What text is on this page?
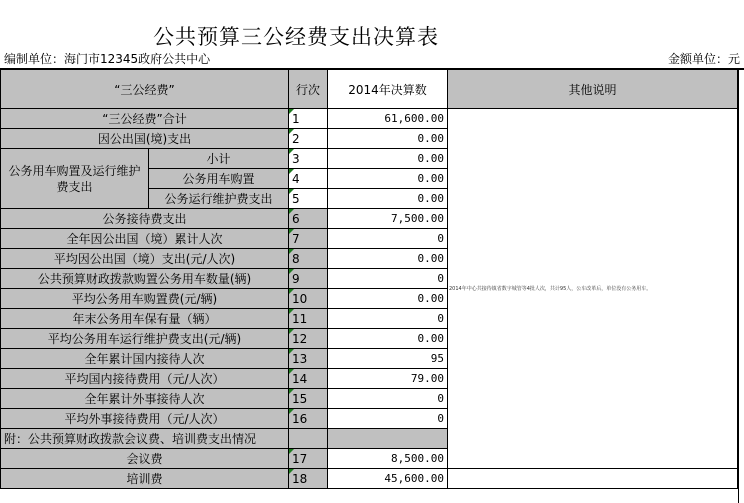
公共预算三公经费支出决算表
编制单位：海门市12345政府公共中心	金额单位：元
“三公经费”		行次	2014年决算数	其他说明
“三公经费”合计		1	61,600.00	2014年中心共接待镇省数字城管等4批人次，共计95人，公车改革后，单位没有公务用车。
因公出国(境)支出		2	0.00	
公务用车购置及运行维护费支出	小计	3	0.00	
	公务用车购置	4	0.00	
	公务运行维护费支出	5	0.00	
公务接待费支出		6	7,500.00	
全年因公出国（境）累计人次		7	0	
平均因公出国（境）支出(元/人次)		8	0.00	
公共预算财政拨款购置公务用车数量(辆)		9	0	
平均公务用车购置费(元/辆)		10	0.00	
年末公务用车保有量（辆）		11	0	
平均公务用车运行维护费支出(元/辆)		12	0.00	
全年累计国内接待人次		13	95	
平均国内接待费用（元/人次）		14	79.00	
全年累计外事接待人次		15	0	
平均外事接待费用（元/人次）		16	0	
附：公共预算财政拨款会议费、培训费支出情况				
会议费		17	8,500.00	
培训费		18	45,600.00	
